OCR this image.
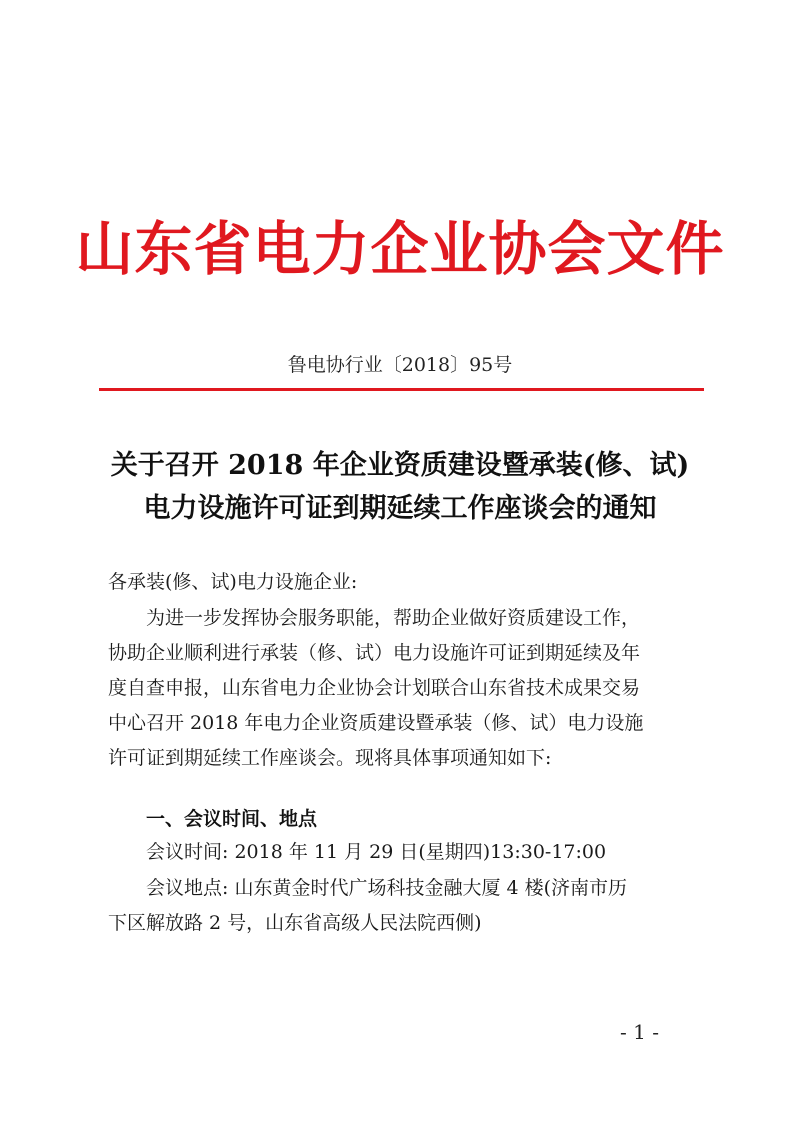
山东省电力企业协会文件
鲁电协行业〔2018〕95号
关于召开 2018 年企业资质建设暨承装(修、试)
电力设施许可证到期延续工作座谈会的通知
各承装(修、试)电力设施企业:
为进一步发挥协会服务职能，帮助企业做好资质建设工作，
协助企业顺利进行承装（修、试）电力设施许可证到期延续及年
度自查申报，山东省电力企业协会计划联合山东省技术成果交易
中心召开 2018 年电力企业资质建设暨承装（修、试）电力设施
许可证到期延续工作座谈会。现将具体事项通知如下:
一、会议时间、地点
会议时间: 2018 年 11 月 29 日(星期四)13:30-17:00
会议地点: 山东黄金时代广场科技金融大厦 4 楼(济南市历
下区解放路 2 号，山东省高级人民法院西侧)
- 1 -
